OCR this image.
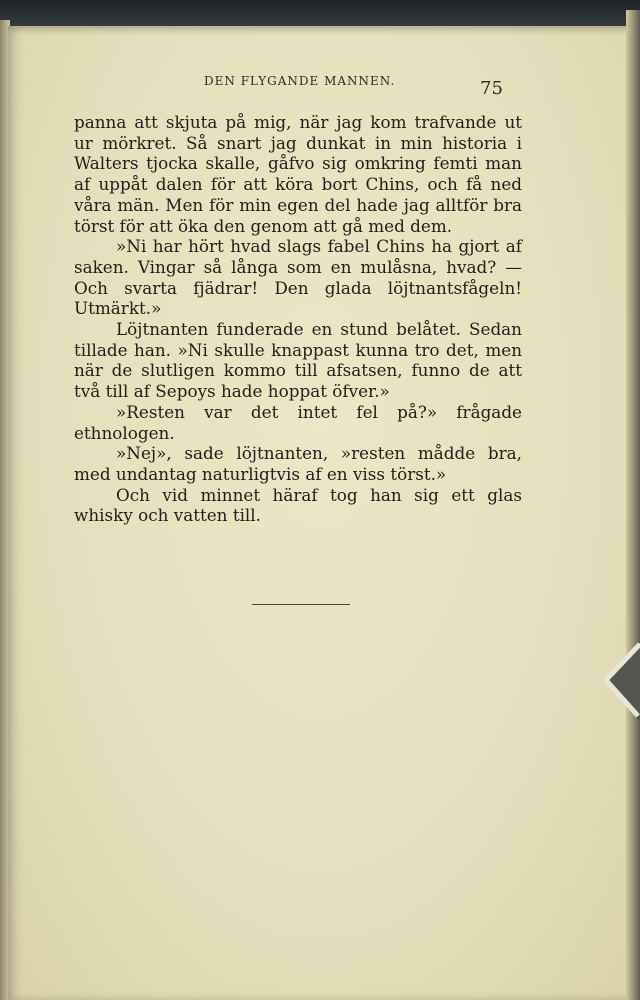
DEN FLYGANDE MANNEN.	75

panna att skjuta på mig, när jag kom trafvande ut ur mörkret. Så snart jag dunkat in min historia i Walters tjocka skalle, gåfvo sig omkring femti man af uppåt dalen för att köra bort Chins, och få ned våra män. Men för min egen del hade jag alltför bra törst för att öka den genom att gå med dem.

»Ni har hört hvad slags fabel Chins ha gjort af saken. Vingar så långa som en mulåsna, hvad? — Och svarta fjädrar! Den glada löjtnantsfågeln! Utmärkt.»

Löjtnanten funderade en stund belåtet. Sedan tillade han. »Ni skulle knappast kunna tro det, men när de slutligen kommo till afsatsen, funno de att två till af Sepoys hade hoppat öfver.»

»Resten var det intet fel på?» frågade ethnologen.

»Nej», sade löjtnanten, »resten mådde bra, med undantag naturligtvis af en viss törst.»

Och vid minnet häraf tog han sig ett glas whisky och vatten till.
